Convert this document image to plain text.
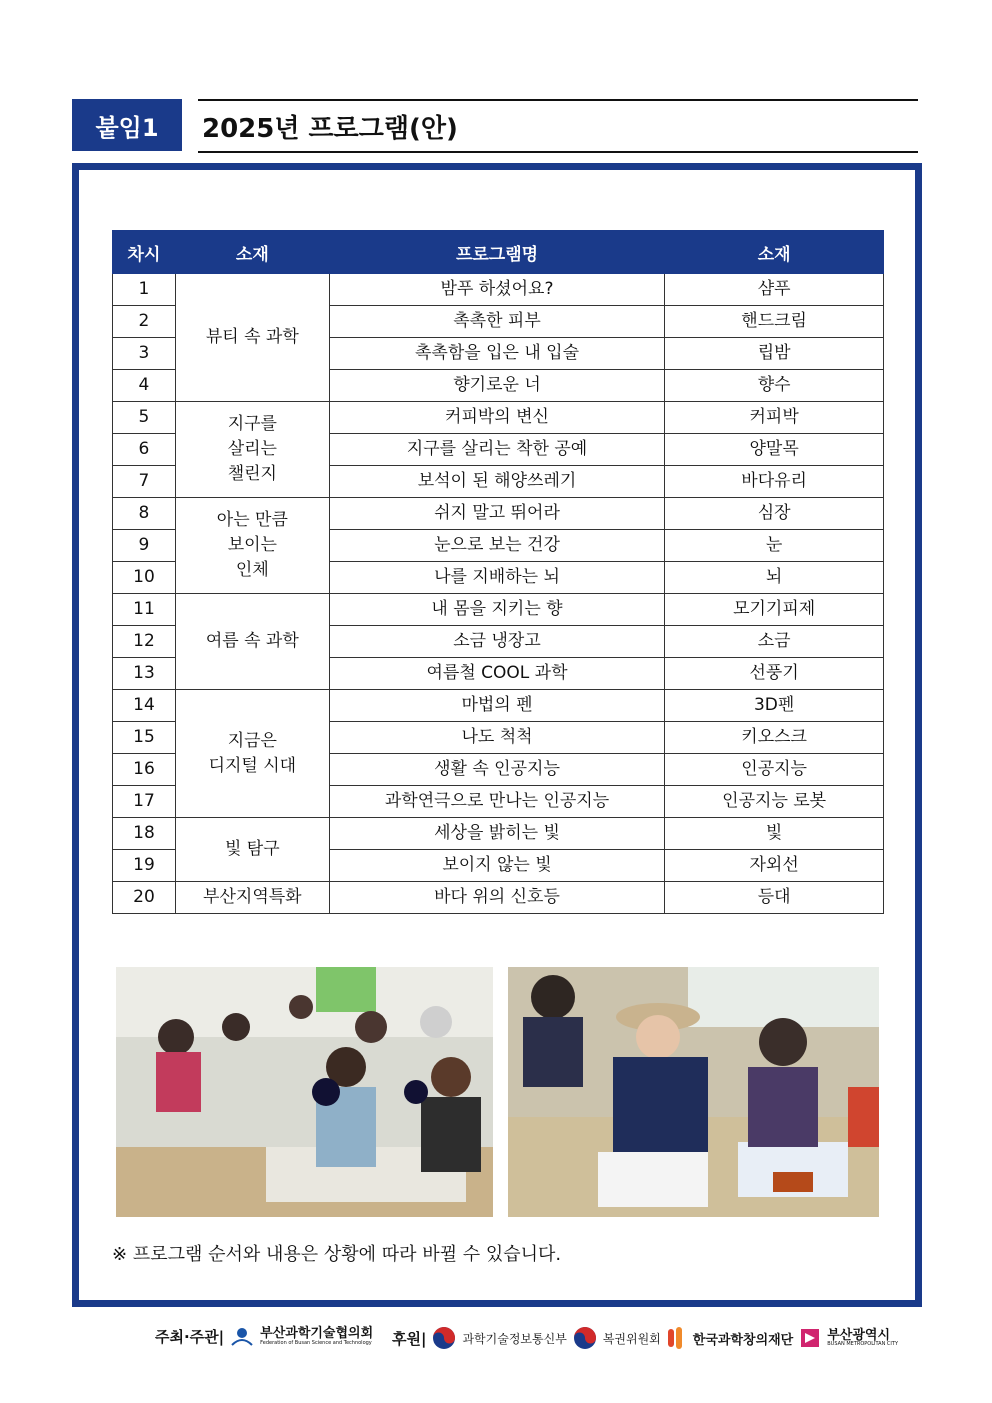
붙임1	2025년 프로그램(안)
차시	소재	프로그램명	소재
1	뷰티 속 과학	밤푸 하셨어요?	샴푸
2		촉촉한 피부	핸드크림
3		촉촉함을 입은 내 입술	립밤
4		향기로운 너	향수
5	지구를
살리는
챌린지	커피박의 변신	커피박
6		지구를 살리는 착한 공예	양말목
7		보석이 된 해양쓰레기	바다유리
8	아는 만큼
보이는
인체	쉬지 말고 뛰어라	심장
9		눈으로 보는 건강	눈
10		나를 지배하는 뇌	뇌
11	여름 속 과학	내 몸을 지키는 향	모기기피제
12		소금 냉장고	소금
13		여름철 COOL 과학	선풍기
14	지금은
디지털 시대	마법의 펜	3D펜
15		나도 척척	키오스크
16		생활 속 인공지능	인공지능
17		과학연극으로 만나는 인공지능	인공지능 로봇
18	빛 탐구	세상을 밝히는 빛	빛
19		보이지 않는 빛	자외선
20	부산지역특화	바다 위의 신호등	등대
※ 프로그램 순서와 내용은 상황에 따라 바뀔 수 있습니다.
주최·주관|	부산과학기술협의회
Federation of Busan Science and Technology 후원|	과학기술정보통신부	복권위원회 한국과학창의재단	부산광역시
BUSAN METROPOLITAN CITY
